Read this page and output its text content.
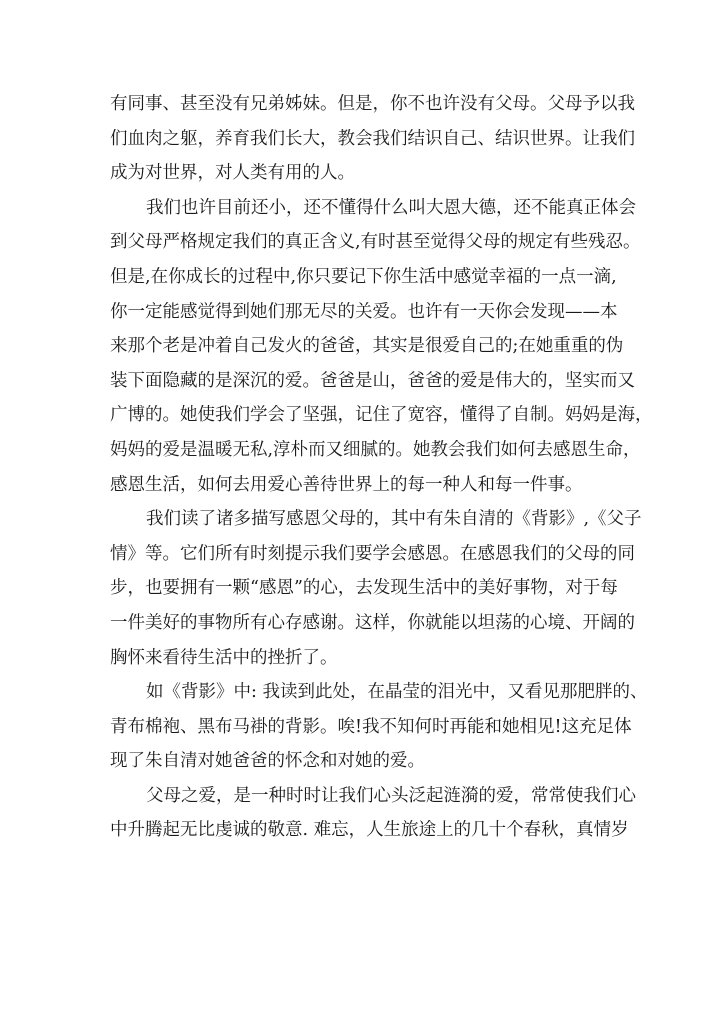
有同事、甚至没有兄弟姊妹。但是，你不也许没有父母。父母予以我
们血肉之躯，养育我们长大，教会我们结识自己、结识世界。让我们
成为对世界，对人类有用的人。
我们也许目前还小，还不懂得什么叫大恩大德，还不能真正体会
到父母严格规定我们的真正含义,有时甚至觉得父母的规定有些残忍。
但是,在你成长的过程中,你只要记下你生活中感觉幸福的一点一滴,
你一定能感觉得到她们那无尽的关爱。也许有一天你会发现——本
来那个老是冲着自己发火的爸爸，其实是很爱自己的;在她重重的伪
装下面隐藏的是深沉的爱。爸爸是山，爸爸的爱是伟大的，坚实而又
广博的。她使我们学会了坚强，记住了宽容，懂得了自制。妈妈是海，
妈妈的爱是温暖无私,淳朴而又细腻的。她教会我们如何去感恩生命，
感恩生活，如何去用爱心善待世界上的每一种人和每一件事。
我们读了诸多描写感恩父母的，其中有朱自清的《背影》,《父子
情》等。它们所有时刻提示我们要学会感恩。在感恩我们的父母的同
步，也要拥有一颗“感恩”的心，去发现生活中的美好事物，对于每
一件美好的事物所有心存感谢。这样，你就能以坦荡的心境、开阔的
胸怀来看待生活中的挫折了。
如《背影》中: 我读到此处，在晶莹的泪光中，又看见那肥胖的、
青布棉袍、黑布马褂的背影。唉!我不知何时再能和她相见!这充足体
现了朱自清对她爸爸的怀念和对她的爱。
父母之爱，是一种时时让我们心头泛起涟漪的爱，常常使我们心
中升腾起无比虔诚的敬意. 难忘，人生旅途上的几十个春秋，真情岁
